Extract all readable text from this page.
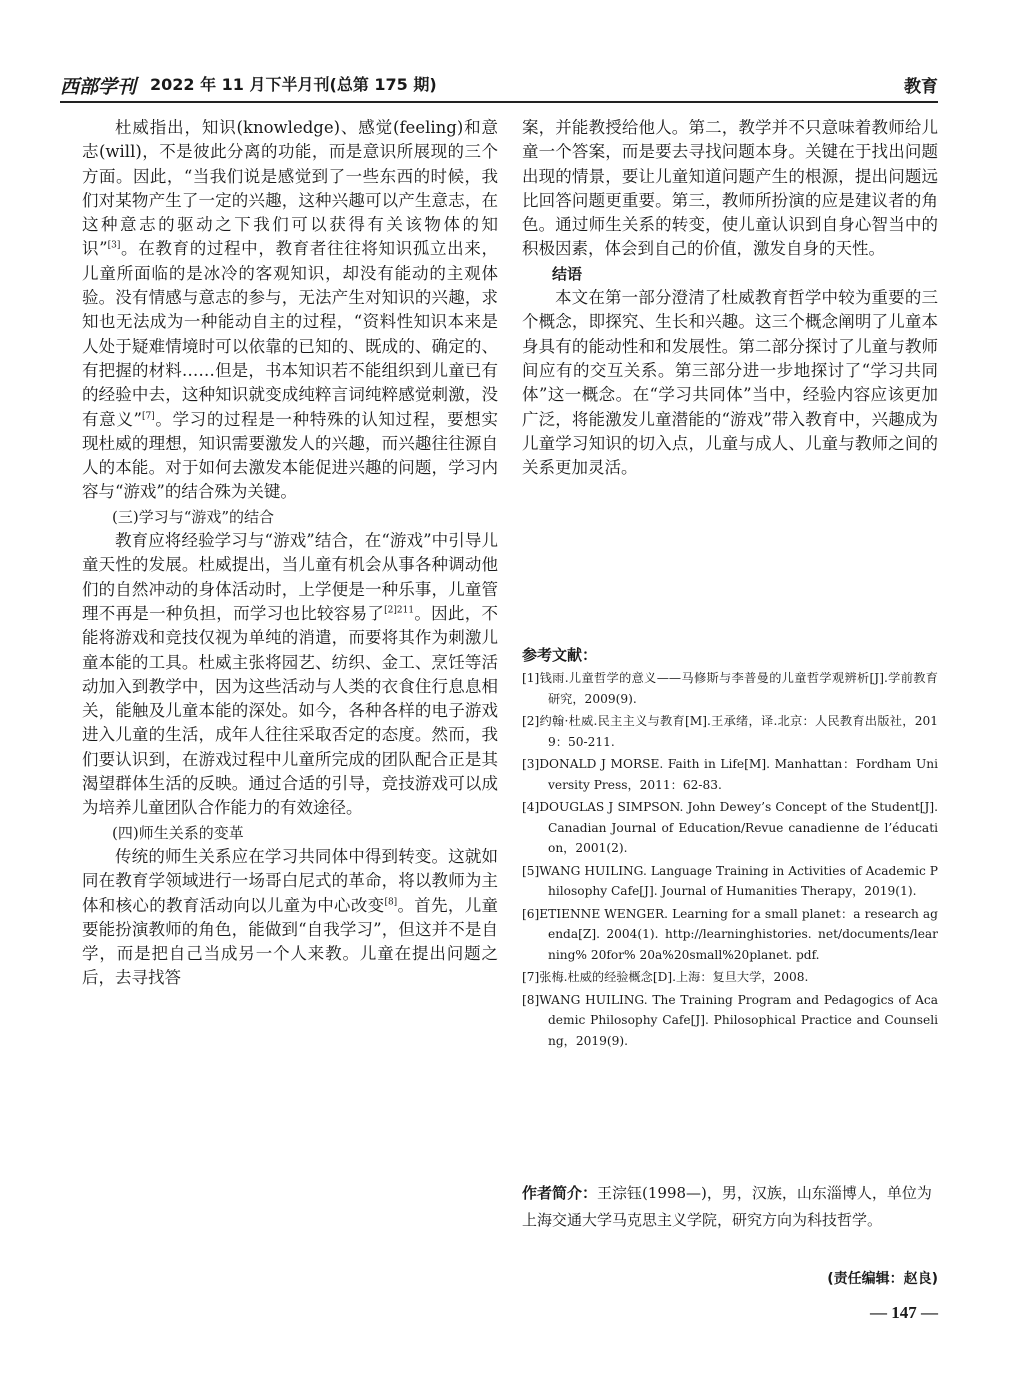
西部学刊 2022 年 11 月下半月刊(总第 175 期)	教育

杜威指出，知识(knowledge)、感觉(feeling)和意志(will)，不是彼此分离的功能，而是意识所展现的三个方面。因此，“当我们说是感觉到了一些东西的时候，我们对某物产生了一定的兴趣，这种兴趣可以产生意志，在这种意志的驱动之下我们可以获得有关该物体的知识”[3]。在教育的过程中，教育者往往将知识孤立出来，儿童所面临的是冰冷的客观知识，却没有能动的主观体验。没有情感与意志的参与，无法产生对知识的兴趣，求知也无法成为一种能动自主的过程，“资料性知识本来是人处于疑难情境时可以依靠的已知的、既成的、确定的、有把握的材料……但是，书本知识若不能组织到儿童已有的经验中去，这种知识就变成纯粹言词纯粹感觉刺激，没有意义”[7]。学习的过程是一种特殊的认知过程，要想实现杜威的理想，知识需要激发人的兴趣，而兴趣往往源自人的本能。对于如何去激发本能促进兴趣的问题，学习内容与“游戏”的结合殊为关键。

(三)学习与“游戏”的结合

教育应将经验学习与“游戏”结合，在“游戏”中引导儿童天性的发展。杜威提出，当儿童有机会从事各种调动他们的自然冲动的身体活动时，上学便是一种乐事，儿童管理不再是一种负担，而学习也比较容易了$^{[2]211}$。因此，不能将游戏和竞技仅视为单纯的消遣，而要将其作为刺激儿童本能的工具。杜威主张将园艺、纺织、金工、烹饪等活动加入到教学中，因为这些活动与人类的衣食住行息息相关，能触及儿童本能的深处。如今，各种各样的电子游戏进入儿童的生活，成年人往往采取否定的态度。然而，我们要认识到，在游戏过程中儿童所完成的团队配合正是其渴望群体生活的反映。通过合适的引导，竞技游戏可以成为培养儿童团队合作能力的有效途径。

(四)师生关系的变革

传统的师生关系应在学习共同体中得到转变。这就如同在教育学领域进行一场哥白尼式的革命，将以教师为主体和核心的教育活动向以儿童为中心改变[8]。首先，儿童要能扮演教师的角色，能做到“自我学习”，但这并不是自学，而是把自己当成另一个人来教。儿童在提出问题之后，去寻找答

案，并能教授给他人。第二，教学并不只意味着教师给儿童一个答案，而是要去寻找问题本身。关键在于找出问题出现的情景，要让儿童知道问题产生的根源，提出问题远比回答问题更重要。第三，教师所扮演的应是建议者的角色。通过师生关系的转变，使儿童认识到自身心智当中的积极因素，体会到自己的价值，激发自身的天性。

结语

本文在第一部分澄清了杜威教育哲学中较为重要的三个概念，即探究、生长和兴趣。这三个概念阐明了儿童本身具有的能动性和和发展性。第二部分探讨了儿童与教师间应有的交互关系。第三部分进一步地探讨了“学习共同体”这一概念。在“学习共同体”当中，经验内容应该更加广泛，将能激发儿童潜能的“游戏”带入教育中，兴趣成为儿童学习知识的切入点，儿童与成人、儿童与教师之间的关系更加灵活。

参考文献：
[1]钱雨.儿童哲学的意义——马修斯与李普曼的儿童哲学观辨析[J].学前教育研究，2009(9).
[2]约翰·杜威.民主主义与教育[M].王承绪，译.北京：人民教育出版社，2019：50-211.
[3]DONALD J MORSE. Faith in Life[M]. Manhattan：Fordham University Press，2011：62-83.
[4]DOUGLAS J SIMPSON. John Dewey’s Concept of the Student[J]. Canadian Journal of Education/Revue canadienne de l’éducation，2001(2).
[5]WANG HUILING. Language Training in Activities of Academic Philosophy Cafe[J]. Journal of Humanities Therapy，2019(1).
[6]ETIENNE WENGER. Learning for a small planet：a research agenda[Z]. 2004(1). http://learninghistories. net/documents/learning% 20for% 20a%20small%20planet. pdf.
[7]张梅.杜威的经验概念[D].上海：复旦大学，2008.
[8]WANG HUILING. The Training Program and Pedagogics of Academic Philosophy Cafe[J]. Philosophical Practice and Counseling，2019(9).
作者简介：王淙钰(1998—)，男，汉族，山东淄博人，单位为上海交通大学马克思主义学院，研究方向为科技哲学。
(责任编辑：赵良)
— 147 —
